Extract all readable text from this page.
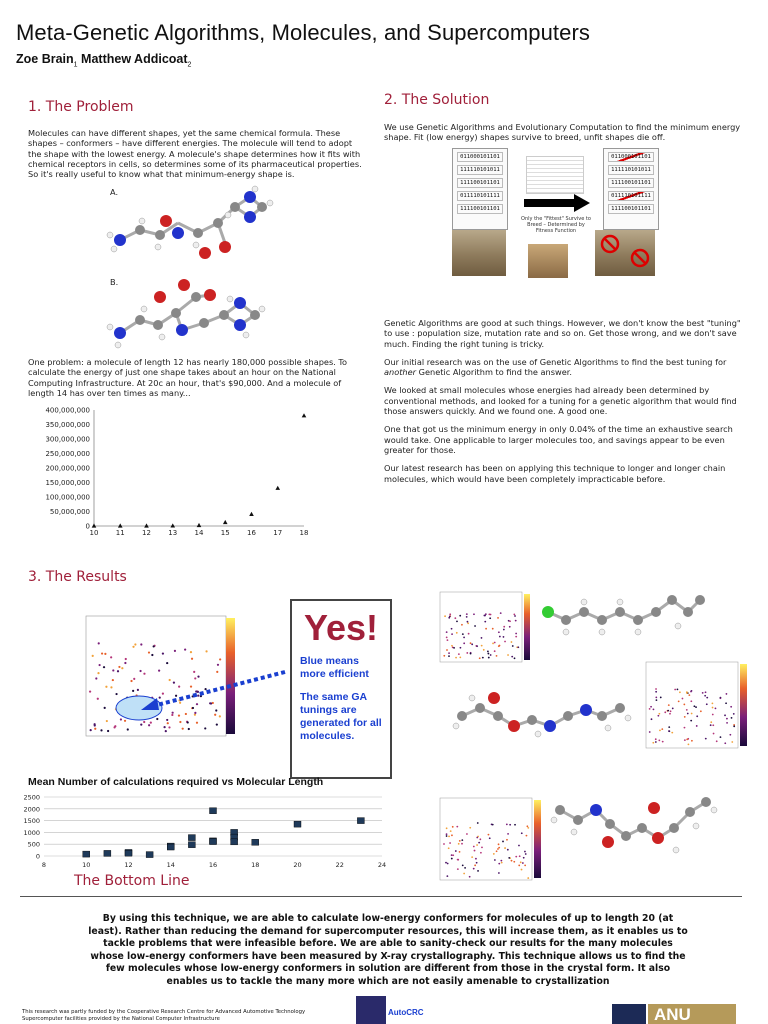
Meta-Genetic Algorithms, Molecules, and Supercomputers
Zoe Brain$_1$ Matthew Addicoat$_2$
1. The Problem
Molecules can have different shapes, yet the same chemical formula. These shapes – conformers – have different energies. The molecule will tend to adopt the shape with the lowest energy. A molecule's shape determines how it fits with chemical receptors in cells, so determines some of its pharmaceutical properties. So it's really useful to know what that minimum-energy shape is.
A.
B.
One problem: a molecule of length 12 has nearly 180,000 possible shapes. To calculate the energy of just one shape takes about an hour on the National Computing Infrastructure. At 20c an hour, that's $90,000. And a molecule of length 14 has over ten times as many...
0
50,000,000
100,000,000
150,000,000
200,000,000
250,000,000
300,000,000
350,000,000
400,000,000
10 11 12 13 14 15 16 17 18
2. The Solution
We use Genetic Algorithms and Evolutionary Computation to find the minimum energy shape. Fit (low energy) shapes survive to breed, unfit shapes die off.
011000101101
111110101011
111100101101
011110101111
111100101101
Only the "Fittest" Survive to Breed – Determined by Fitness Function
011000101101
111110101011
111100101101
011110101111
111100101101

Genetic Algorithms are good at such things. However, we don't know the best "tuning" to use : population size, mutation rate and so on. Get those wrong, and we don't save much. Finding the right tuning is tricky.

Our initial research was on the use of Genetic Algorithms to find the best tuning for another Genetic Algorithm to find the answer.

We looked at small molecules whose energies had already been determined by conventional methods, and looked for a tuning for a genetic algorithm that would find those answers quickly. And we found one. A good one.

One that got us the minimum energy in only 0.04% of the time an exhaustive search would take. One applicable to larger molecules too, and savings appear to be even greater for those.

Our latest research has been on applying this technique to longer and longer chain molecules, which would have been completely impracticable before.

3. The Results
Yes!
Blue means more efficient
The same GA tunings are generated for all molecules.
Mean Number of calculations required vs Molecular Length
0
500
1000
1500
2000
2500
8	10	12	14	16	18	20	22	24
The Bottom Line
By using this technique, we are able to calculate low-energy conformers for molecules of up to length 20 (at least). Rather than reducing the demand for supercomputer resources, this will increase them, as it enables us to tackle problems that were infeasible before. We are able to sanity-check our results for the many molecules whose low-energy conformers have been measured by X-ray crystallography. This technique allows us to find the few molecules whose low-energy conformers in solution are different from those in the crystal form. It also enables us to tackle the many more which are not easily amenable to crystallization
This research was partly funded by the Cooperative Research Centre for Advanced Automotive Technology
Supercomputer facilities provided by the National Computer Infrastructure
AutoCRC	ANU
